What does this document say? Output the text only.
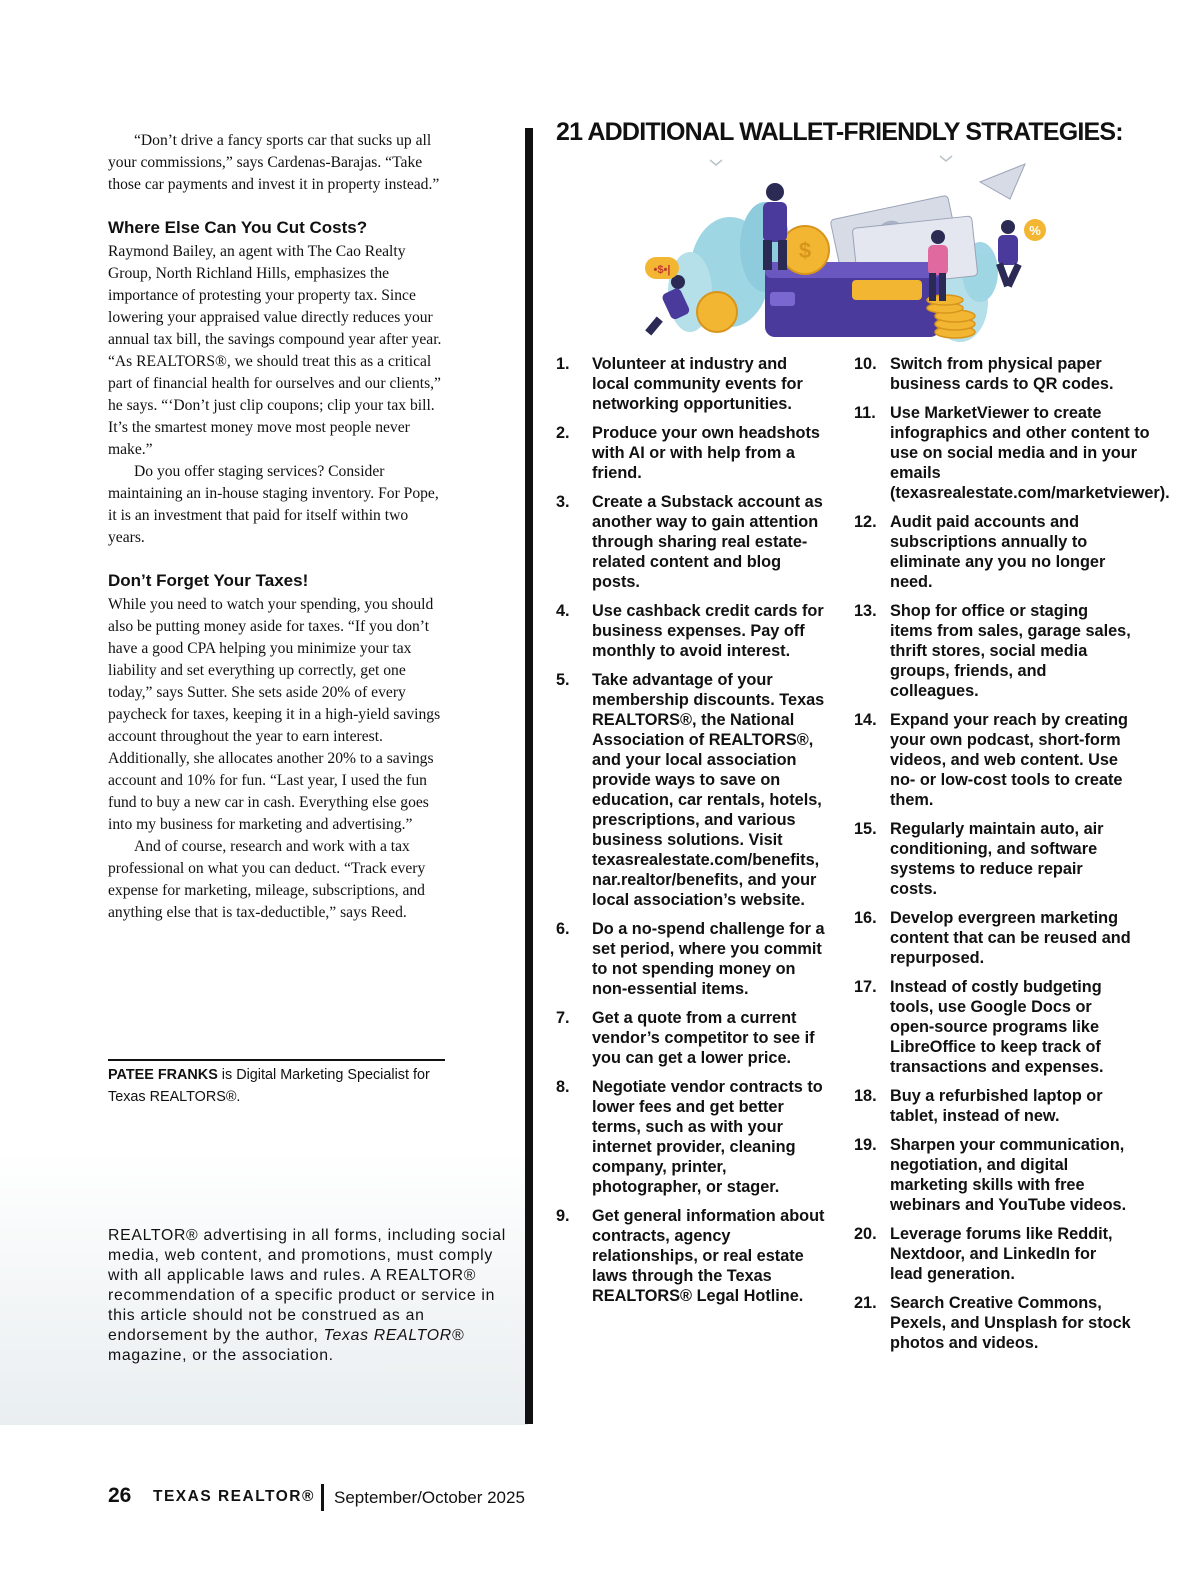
“Don’t drive a fancy sports car that sucks up all your commissions,” says Cardenas-Barajas. “Take those car payments and invest it in property instead.”

Where Else Can You Cut Costs?

Raymond Bailey, an agent with The Cao Realty Group, North Richland Hills, emphasizes the importance of protesting your property tax. Since lowering your appraised value directly reduces your annual tax bill, the savings compound year after year. “As REALTORS®, we should treat this as a critical part of financial health for ourselves and our clients,” he says. “‘Don’t just clip coupons; clip your tax bill. It’s the smartest money move most people never make.”

Do you offer staging services? Consider maintaining an in-house staging inventory. For Pope, it is an investment that paid for itself within two years.

Don’t Forget Your Taxes!

While you need to watch your spending, you should also be putting money aside for taxes. “If you don’t have a good CPA helping you minimize your tax liability and set everything up correctly, get one today,” says Sutter. She sets aside 20% of every paycheck for taxes, keeping it in a high-yield savings account throughout the year to earn interest. Additionally, she allocates another 20% to a savings account and 10% for fun. “Last year, I used the fun fund to buy a new car in cash. Everything else goes into my business for marketing and advertising.”

And of course, research and work with a tax professional on what you can deduct. “Track every expense for marketing, mileage, subscriptions, and anything else that is tax-deductible,” says Reed.

PATEE FRANKS is Digital Marketing Specialist for Texas REALTORS®.
REALTOR® advertising in all forms, including social media, web content, and promotions, must comply with all applicable laws and rules. A REALTOR® recommendation of a specific product or service in this article should not be construed as an endorsement by the author, Texas REALTOR® magazine, or the association.
21 ADDITIONAL WALLET-FRIENDLY STRATEGIES:
$
%
•$•|
1.	Volunteer at industry and local community events for networking opportunities.
2.	Produce your own headshots with AI or with help from a friend.
3.	Create a Substack account as another way to gain attention through sharing real estate-related content and blog posts.
4.	Use cashback credit cards for business expenses. Pay off monthly to avoid interest.
5.	Take advantage of your membership discounts. Texas REALTORS®, the National Association of REALTORS®, and your local association provide ways to save on education, car rentals, hotels, prescriptions, and various business solutions. Visit texasrealestate.com/benefits, nar.realtor/benefits, and your local association’s website.
6.	Do a no-spend challenge for a set period, where you commit to not spending money on non-essential items.
7.	Get a quote from a current vendor’s competitor to see if you can get a lower price.
8.	Negotiate vendor contracts to lower fees and get better terms, such as with your internet provider, cleaning company, printer, photographer, or stager.
9.	Get general information about contracts, agency relationships, or real estate laws through the Texas REALTORS® Legal Hotline.
10. Switch from physical paper business cards to QR codes.
11. Use MarketViewer to create infographics and other content to use on social media and in your emails (texasrealestate.com/marketviewer).
12. Audit paid accounts and subscriptions annually to eliminate any you no longer need.
13. Shop for office or staging items from sales, garage sales, thrift stores, social media groups, friends, and colleagues.
14. Expand your reach by creating your own podcast, short-form videos, and web content. Use no- or low-cost tools to create them.
15. Regularly maintain auto, air conditioning, and software systems to reduce repair costs.
16. Develop evergreen marketing content that can be reused and repurposed.
17. Instead of costly budgeting tools, use Google Docs or open-source programs like LibreOffice to keep track of transactions and expenses.
18. Buy a refurbished laptop or tablet, instead of new.
19. Sharpen your communication, negotiation, and digital marketing skills with free webinars and YouTube videos.
20. Leverage forums like Reddit, Nextdoor, and LinkedIn for lead generation.
21. Search Creative Commons, Pexels, and Unsplash for stock photos and videos.
26 TEXAS REALTOR® September/October 2025
